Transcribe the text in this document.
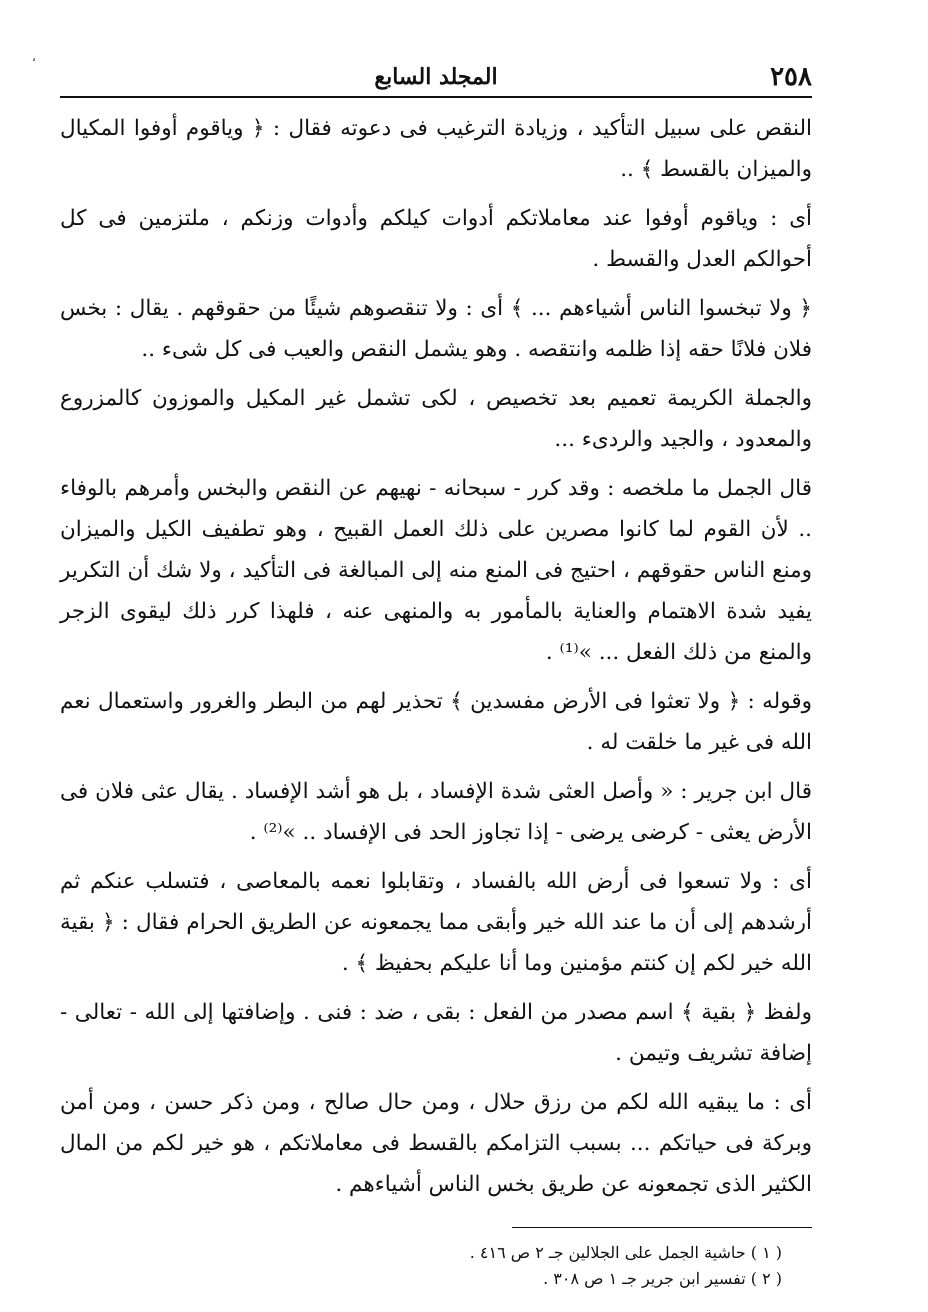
،
٢٥٨
المجلد السابع

النقص على سبيل التأكيد ، وزيادة الترغيب فى دعوته فقال : ﴿ وياقوم أوفوا المكيال والميزان بالقسط ﴾ ..

أى : وياقوم أوفوا عند معاملاتكم أدوات كيلكم وأدوات وزنكم ، ملتزمين فى كل أحوالكم العدل والقسط .

﴿ ولا تبخسوا الناس أشياءهم ... ﴾ أى : ولا تنقصوهم شيئًا من حقوقهم . يقال : بخس فلان فلانًا حقه إذا ظلمه وانتقصه . وهو يشمل النقص والعيب فى كل شىء ..

والجملة الكريمة تعميم بعد تخصيص ، لكى تشمل غير المكيل والموزون كالمزروع والمعدود ، والجيد والردىء ...

قال الجمل ما ملخصه : وقد كرر - سبحانه - نهيهم عن النقص والبخس وأمرهم بالوفاء .. لأن القوم لما كانوا مصرين على ذلك العمل القبيح ، وهو تطفيف الكيل والميزان ومنع الناس حقوقهم ، احتيج فى المنع منه إلى المبالغة فى التأكيد ، ولا شك أن التكرير يفيد شدة الاهتمام والعناية بالمأمور به والمنهى عنه ، فلهذا كرر ذلك ليقوى الزجر والمنع من ذلك الفعل ... »⁽¹⁾ .

وقوله : ﴿ ولا تعثوا فى الأرض مفسدين ﴾ تحذير لهم من البطر والغرور واستعمال نعم الله فى غير ما خلقت له .

قال ابن جرير : « وأصل العثى شدة الإفساد ، بل هو أشد الإفساد . يقال عثى فلان فى الأرض يعثى - كرضى يرضى - إذا تجاوز الحد فى الإفساد .. »⁽²⁾ .

أى : ولا تسعوا فى أرض الله بالفساد ، وتقابلوا نعمه بالمعاصى ، فتسلب عنكم ثم أرشدهم إلى أن ما عند الله خير وأبقى مما يجمعونه عن الطريق الحرام فقال : ﴿ بقية الله خير لكم إن كنتم مؤمنين وما أنا عليكم بحفيظ ﴾ .

ولفظ ﴿ بقية ﴾ اسم مصدر من الفعل : بقى ، ضد : فنى . وإضافتها إلى الله - تعالى - إضافة تشريف وتيمن .

أى : ما يبقيه الله لكم من رزق حلال ، ومن حال صالح ، ومن ذكر حسن ، ومن أمن وبركة فى حياتكم ... بسبب التزامكم بالقسط فى معاملاتكم ، هو خير لكم من المال الكثير الذى تجمعونه عن طريق بخس الناس أشياءهم .

( ١ ) حاشية الجمل على الجلالين جـ ٢ ص ٤١٦ .
( ٢ ) تفسير ابن جرير جـ ١ ص ٣٠٨ .
